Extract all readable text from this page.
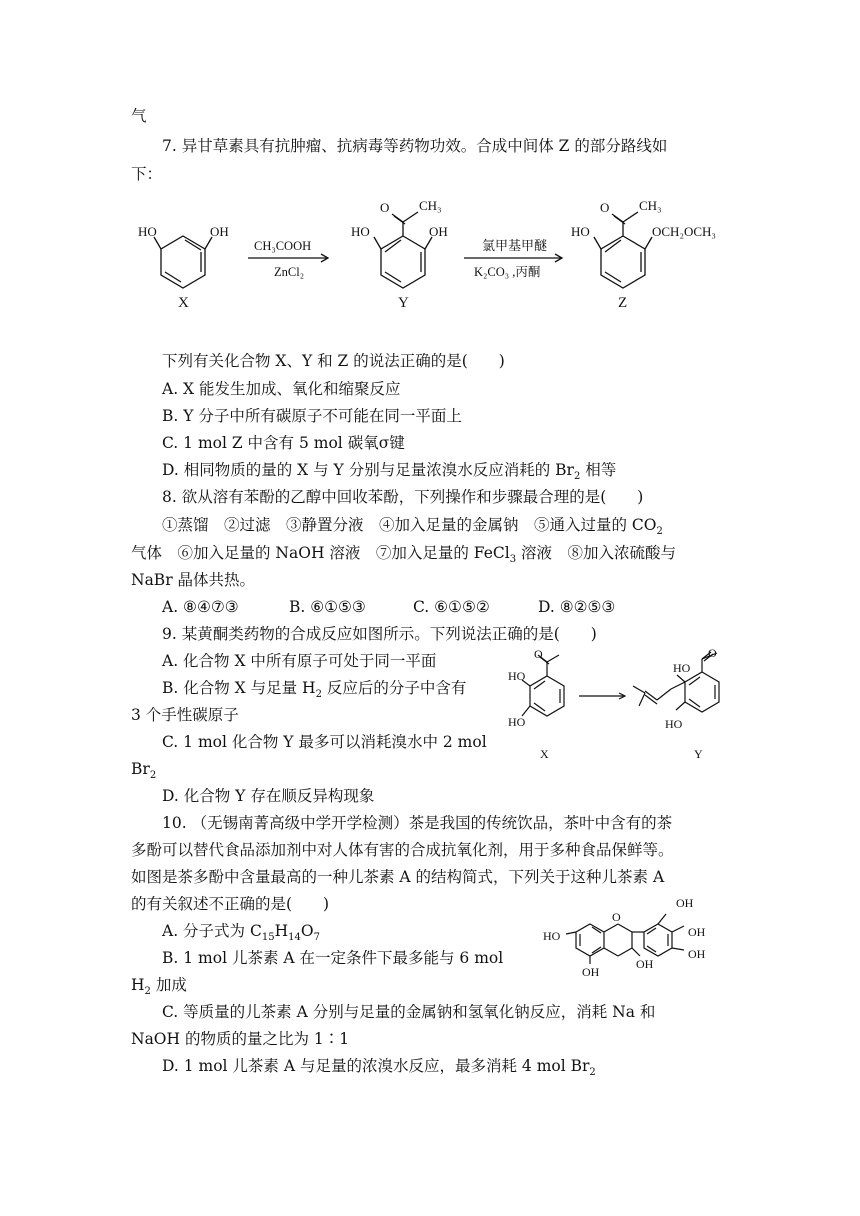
气
7. 异甘草素具有抗肿瘤、抗病毒等药物功效。合成中间体 Z 的部分路线如
下：
HO	OH
X
CH₃COOH
ZnCl₂
HO	OH
O CH₃
Y
氯甲基甲醚
K₂CO₃ ,丙酮
HO	OCH₂OCH₃
O CH₃
Z
下列有关化合物 X、Y 和 Z 的说法正确的是(　　)
A. X 能发生加成、氧化和缩聚反应
B. Y 分子中所有碳原子不可能在同一平面上
C. 1 mol Z 中含有 5 mol 碳氧σ键
D. 相同物质的量的 X 与 Y 分别与足量浓溴水反应消耗的 $Br_2$ 相等
8. 欲从溶有苯酚的乙醇中回收苯酚，下列操作和步骤最合理的是(　　)
①蒸馏　②过滤　③静置分液　④加入足量的金属钠　⑤通入过量的 $CO_2$
气体　⑥加入足量的 NaOH 溶液　⑦加入足量的 FeCl$_3$ 溶液　⑧加入浓硫酸与
NaBr 晶体共热。
A. ⑧④⑦③	B. ⑥①⑤③	C. ⑥①⑤②	D. ⑧②⑤③
9. 某黄酮类药物的合成反应如图所示。下列说法正确的是(　　)
A. 化合物 X 中所有原子可处于同一平面
B. 化合物 X 与足量 $H_2$ 反应后的分子中含有
3 个手性碳原子
C. 1 mol 化合物 Y 最多可以消耗溴水中 2 mol
$Br_2$
D. 化合物 Y 存在顺反异构现象
HO
HO
O
X
HO
HO
O
Y
10. （无锡南菁高级中学开学检测）茶是我国的传统饮品，茶叶中含有的茶
多酚可以替代食品添加剂中对人体有害的合成抗氧化剂，用于多种食品保鲜等。
如图是茶多酚中含量最高的一种儿茶素 A 的结构简式，下列关于这种儿茶素 A
的有关叙述不正确的是(　　)
A. 分子式为 $C_{15}H_{14}O_7$
B. 1 mol 儿茶素 A 在一定条件下最多能与 6 mol
$H_2$ 加成
C. 等质量的儿茶素 A 分别与足量的金属钠和氢氧化钠反应，消耗 Na 和
NaOH 的物质的量之比为 1∶1
D. 1 mol 儿茶素 A 与足量的浓溴水反应，最多消耗 4 mol $Br_2$
HO
O
OH
OH
OH
OH
OH
